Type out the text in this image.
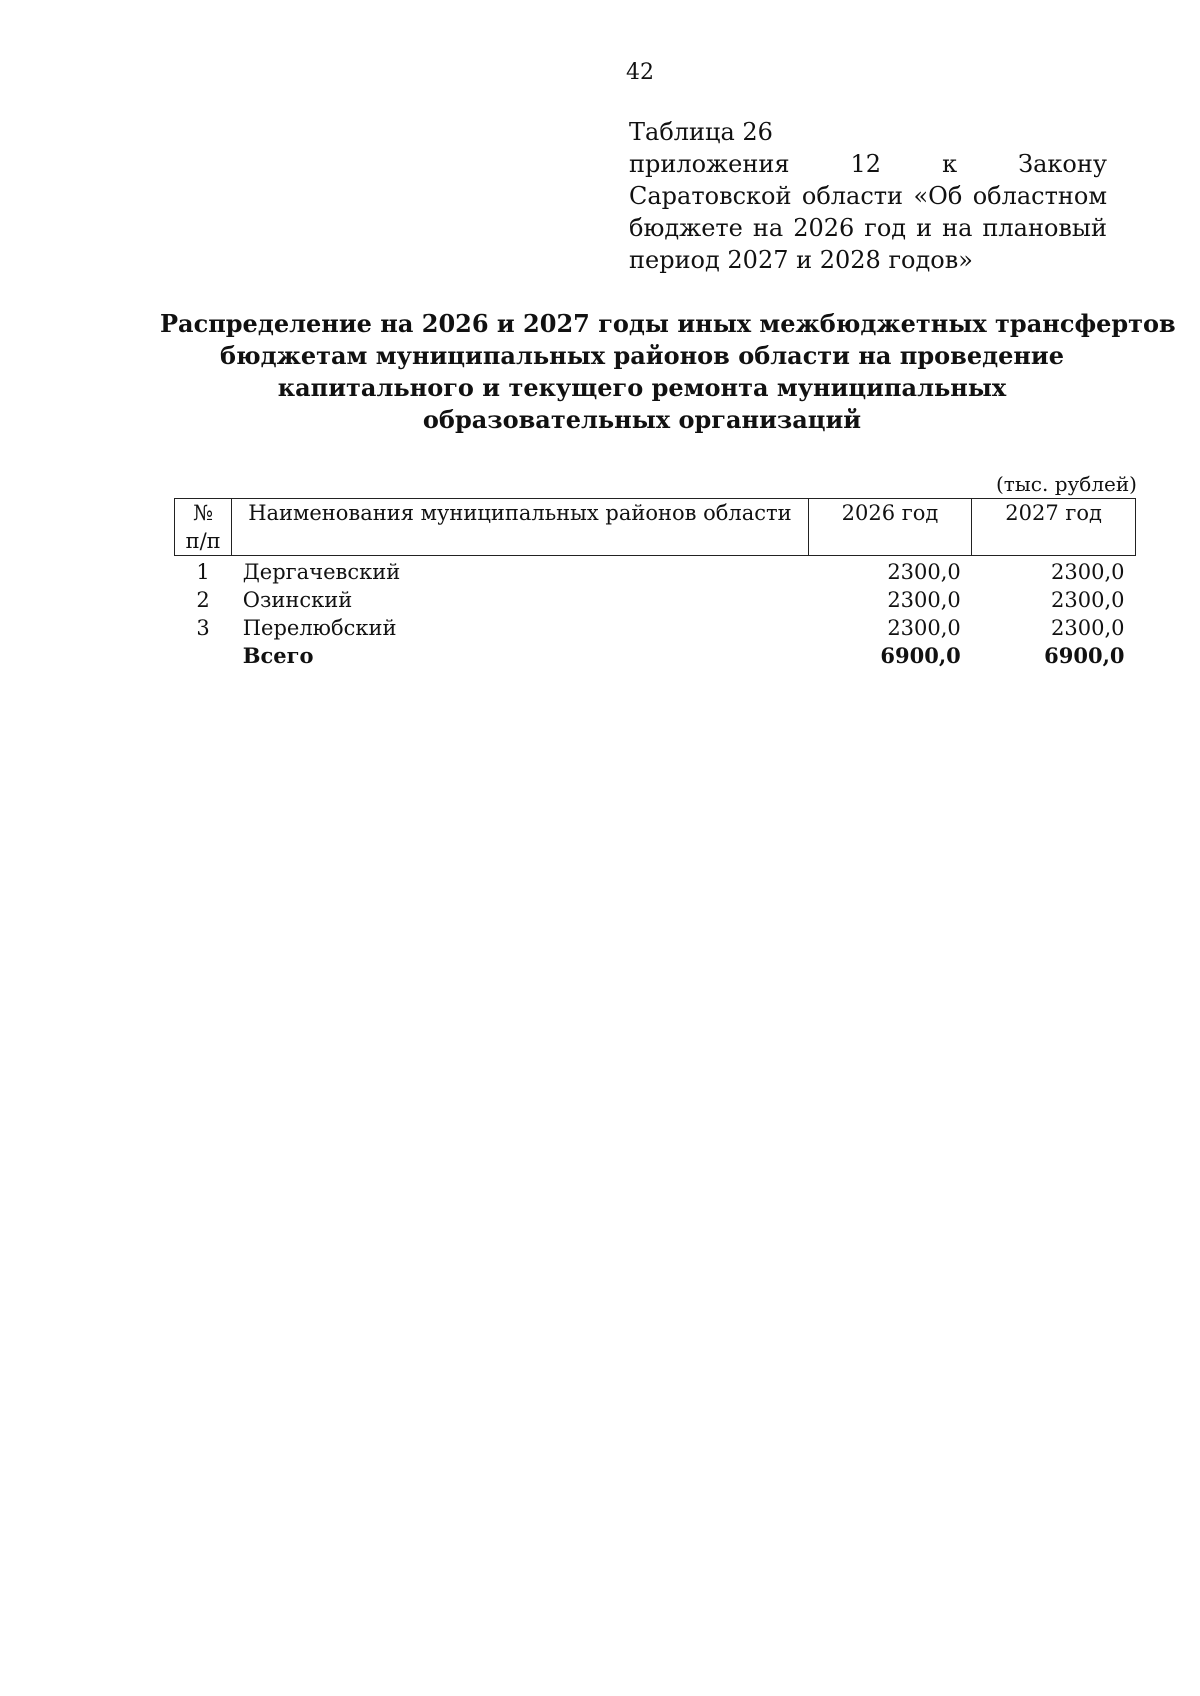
42
Таблица 26
приложения 12 к Закону Саратовской области «Об областном бюджете на 2026 год и на плановый период 2027 и 2028 годов»
Распределение на 2026 и 2027 годы иных межбюджетных трансфертов
бюджетам муниципальных районов области на проведение
капитального и текущего ремонта муниципальных
образовательных организаций
(тыс. рублей)
№
п/п	Наименования муниципальных районов области	2026 год	2027 год
1	Дергачевский	2300,0	2300,0
2	Озинский	2300,0	2300,0
3	Перелюбский	2300,0	2300,0
	Всего	6900,0	6900,0
